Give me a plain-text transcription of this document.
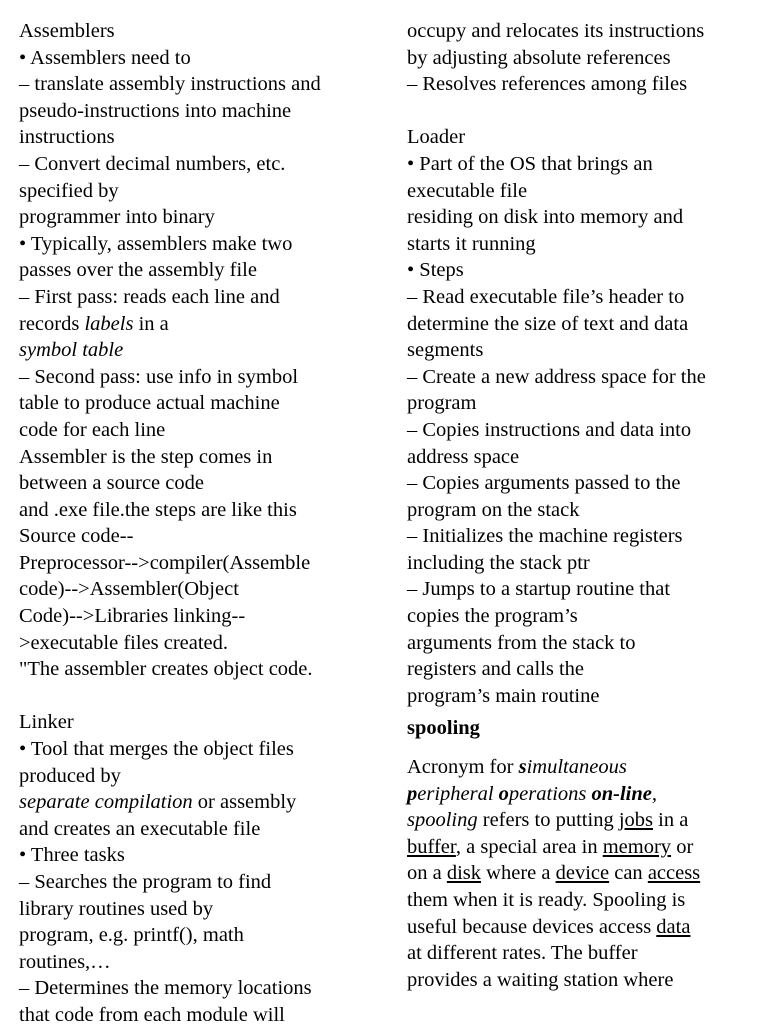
Assemblers
• Assemblers need to
– translate assembly instructions and
pseudo-instructions into machine
instructions
– Convert decimal numbers, etc.
specified by
programmer into binary
• Typically, assemblers make two
passes over the assembly file
– First pass: reads each line and
records labels in a
symbol table
– Second pass: use info in symbol
table to produce actual machine
code for each line
Assembler is the step comes in
between a source code
and .exe file.the steps are like this
Source code--
Preprocessor-->compiler(Assemble
code)-->Assembler(Object
Code)-->Libraries linking--
>executable files created.
"The assembler creates object code.
Linker
• Tool that merges the object files
produced by
separate compilation or assembly
and creates an executable file
• Three tasks
– Searches the program to find
library routines used by
program, e.g. printf(), math
routines,…
– Determines the memory locations
that code from each module will
occupy and relocates its instructions
by adjusting absolute references
– Resolves references among files
Loader
• Part of the OS that brings an
executable file
residing on disk into memory and
starts it running
• Steps
– Read executable file’s header to
determine the size of text and data
segments
– Create a new address space for the
program
– Copies instructions and data into
address space
– Copies arguments passed to the
program on the stack
– Initializes the machine registers
including the stack ptr
– Jumps to a startup routine that
copies the program’s
arguments from the stack to
registers and calls the
program’s main routine
spooling
Acronym for simultaneous
peripheral operations on-line,
spooling refers to putting jobs in a
buffer, a special area in memory or
on a disk where a device can access
them when it is ready. Spooling is
useful because devices access data
at different rates. The buffer
provides a waiting station where
